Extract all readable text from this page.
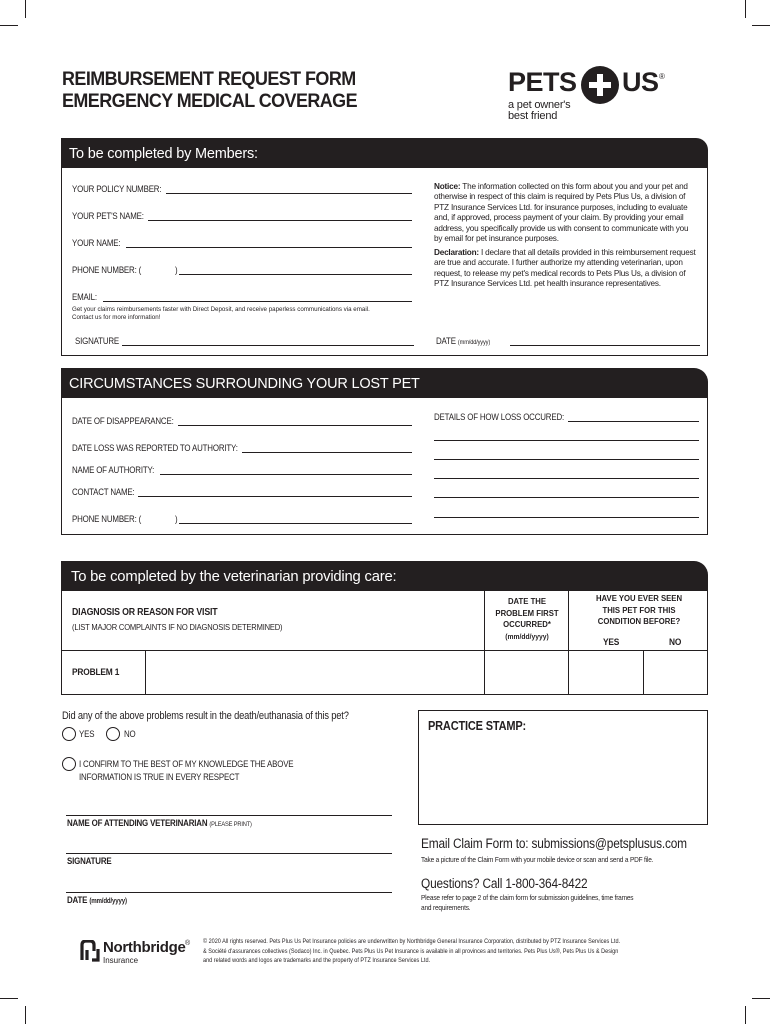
REIMBURSEMENT REQUEST FORM
EMERGENCY MEDICAL COVERAGE
PETS US ®
a pet owner's
best friend
To be completed by Members:
YOUR POLICY NUMBER:
YOUR PET'S NAME:
YOUR NAME:
PHONE NUMBER: (	)
EMAIL:
Get your claims reimbursements faster with Direct Deposit, and receive paperless communications via email.
Contact us for more information!
Notice: The information collected on this form about you and your pet and otherwise in respect of this claim is required by Pets Plus Us, a division of PTZ Insurance Services Ltd. for insurance purposes, including to evaluate and, if approved, process payment of your claim. By providing your email address, you specifically provide us with consent to communicate with you by email for pet insurance purposes.
Declaration: I declare that all details provided in this reimbursement request are true and accurate. I further authorize my attending veterinarian, upon request, to release my pet's medical records to Pets Plus Us, a division of PTZ Insurance Services Ltd. pet health insurance representatives.
SIGNATURE	DATE (mm/dd/yyyy)
CIRCUMSTANCES SURROUNDING YOUR LOST PET
DATE OF DISAPPEARANCE:
DATE LOSS WAS REPORTED TO AUTHORITY:
NAME OF AUTHORITY:
CONTACT NAME:
PHONE NUMBER: (	)
DETAILS OF HOW LOSS OCCURED:
To be completed by the veterinarian providing care:
DIAGNOSIS OR REASON FOR VISIT
(LIST MAJOR COMPLAINTS IF NO DIAGNOSIS DETERMINED)
DATE THE
PROBLEM FIRST
OCCURRED*
(mm/dd/yyyy)
HAVE YOU EVER SEEN
THIS PET FOR THIS
CONDITION BEFORE?
YES	NO
PROBLEM 1
Did any of the above problems result in the death/euthanasia of this pet?
YES	NO
I CONFIRM TO THE BEST OF MY KNOWLEDGE THE ABOVE
INFORMATION IS TRUE IN EVERY RESPECT
PRACTICE STAMP:
NAME OF ATTENDING VETERINARIAN (PLEASE PRINT)
SIGNATURE
DATE (mm/dd/yyyy)
Email Claim Form to: submissions@petsplusus.com
Take a picture of the Claim Form with your mobile device or scan and send a PDF file.
Questions? Call 1-800-364-8422
Please refer to page 2 of the claim form for submission guidelines, time frames
and requirements.
Northbridge ®
Insurance
© 2020 All rights reserved. Pets Plus Us Pet Insurance policies are underwritten by Northbridge General Insurance Corporation, distributed by PTZ Insurance Services Ltd.
& Société d'assurances collectives (Sodaco) Inc. in Quebec. Pets Plus Us Pet Insurance is available in all provinces and territories. Pets Plus Us®, Pets Plus Us & Design
and related words and logos are trademarks and the property of PTZ Insurance Services Ltd.
